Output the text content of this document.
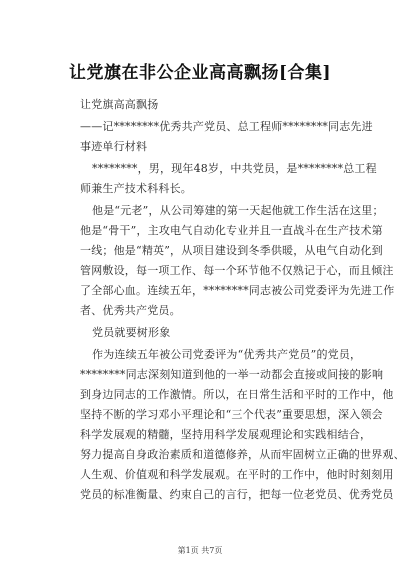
让党旗在非公企业高高飘扬[合集]
让党旗高高飘扬
——记********优秀共产党员、总工程师********同志先进
事迹单行材料
********，男，现年48岁，中共党员，是********总工程
师兼生产技术科科长。
他是“元老”，从公司筹建的第一天起他就工作生活在这里；
他是“骨干”，主攻电气自动化专业并且一直战斗在生产技术第
一线；他是“精英”，从项目建设到冬季供暖，从电气自动化到
管网敷设，每一项工作、每一个环节他不仅熟记于心，而且倾注
了全部心血。连续五年，********同志被公司党委评为先进工作
者、优秀共产党员。
党员就要树形象
作为连续五年被公司党委评为“优秀共产党员”的党员，
********同志深刻知道到他的一举一动都会直接或间接的影响
到身边同志的工作激情。所以，在日常生活和平时的工作中，他
坚持不断的学习邓小平理论和“三个代表”重要思想，深入领会
科学发展观的精髓，坚持用科学发展观理论和实践相结合，
努力提高自身政治素质和道德修养，从而牢固树立正确的世界观、
人生观、价值观和科学发展观。在平时的工作中，他时时刻刻用
党员的标准衡量、约束自己的言行，把每一位老党员、优秀党员
第1页 共7页
